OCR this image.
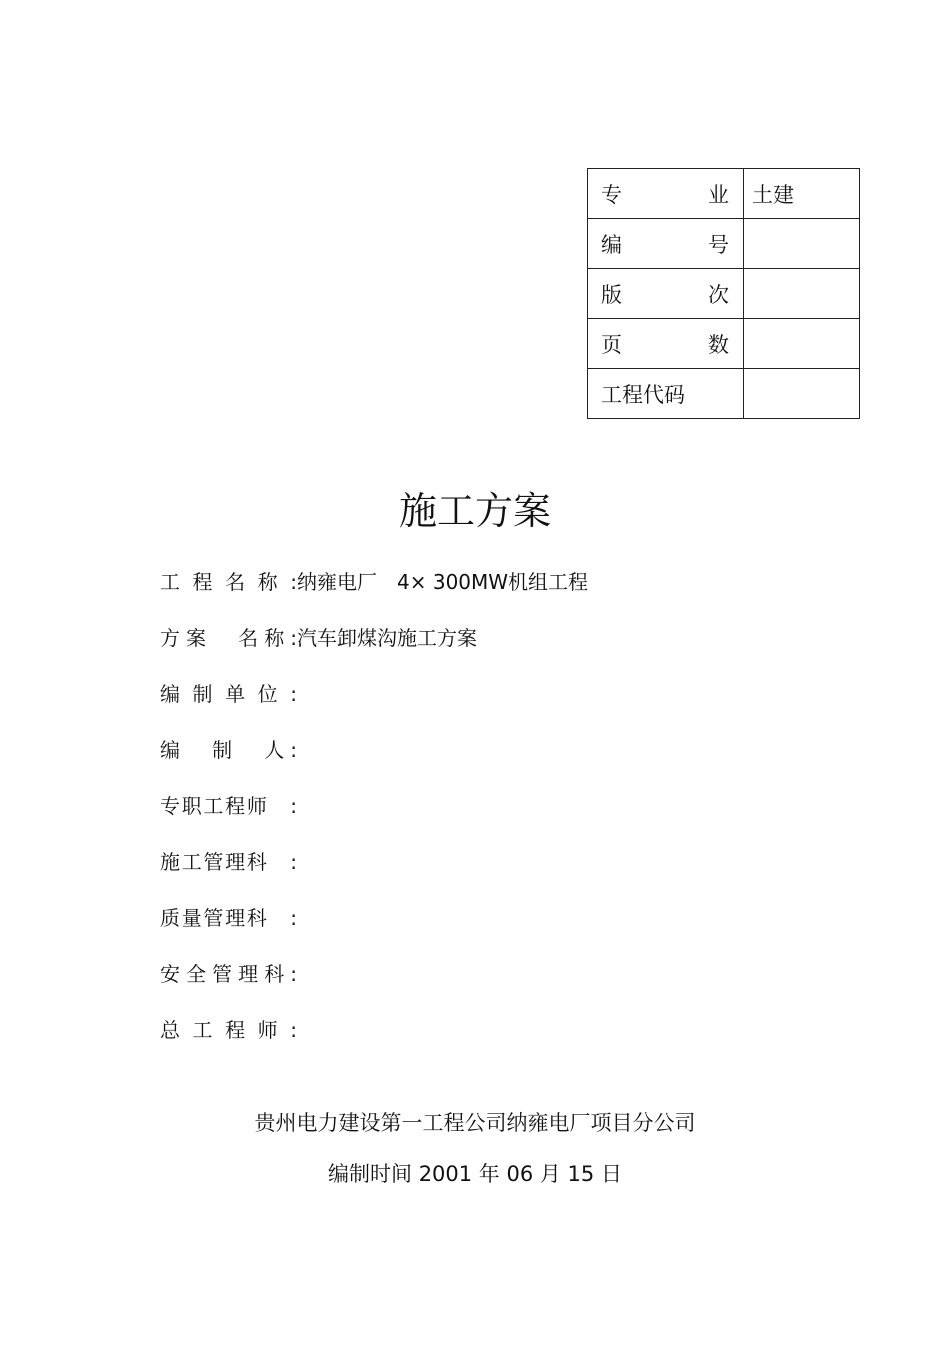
专　业	土建
编　号	
版　次	
页　数	
工程代码	
施工方案
工程名称:纳雍电厂　4× 300MW机组工程
方案　名称:汽车卸煤沟施工方案
编制单位:
编　制　人:
专职工程师　:
施工管理科　:
质量管理科　:
安全管理科:
总工程师:
贵州电力建设第一工程公司纳雍电厂项目分公司
编制时间 2001 年 06 月 15 日
